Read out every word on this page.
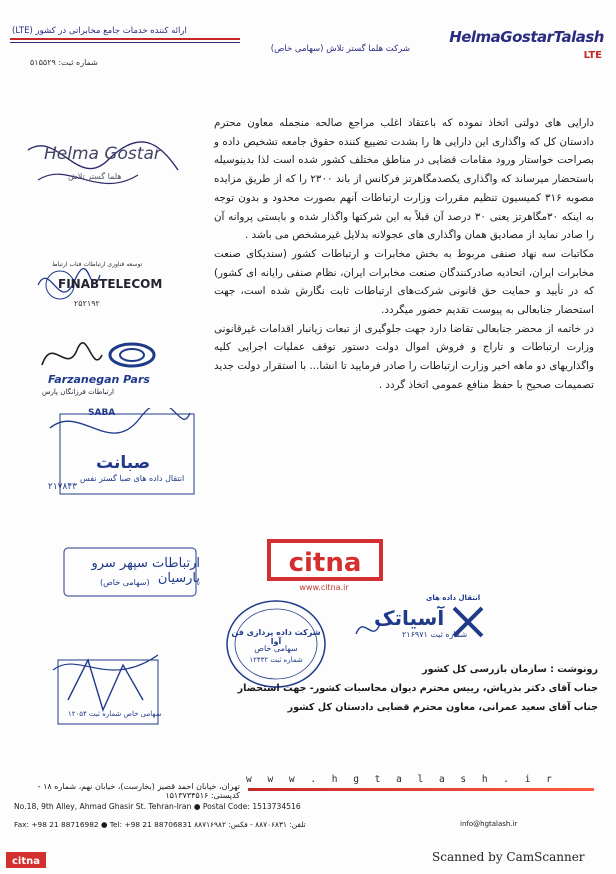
HelmaGostarTalash
LTE
شرکت هلما گستر تلاش (سهامی خاص)
ارائه کننده خدمات جامع مخابراتی در کشور (LTE)
شماره ثبت: ۵۱۵۵۲۹

دارایی های دولتی اتخاذ نموده که باعتقاد اغلب مراجع صالحه منجمله معاون محترم دادستان کل که واگذاری این دارایی ها را بشدت تضییع کننده حقوق جامعه تشخیص داده و بصراحت خواستار ورود مقامات قضایی در مناطق مختلف کشور شده است لذا بدینوسیله باستحضار میرساند که واگذاری یکصدمگاهرتز فرکانس از باند ۲۳۰۰ را که از طریق مزایده مصوبه ۳۱۶ کمیسیون تنظیم مقررات وزارت ارتباطات آنهم بصورت محدود و بدون توجه به اینکه ۳۰مگاهرتز یعنی ۳۰ درصد آن قبلاً به این شرکتها واگذار شده و بایستی پروانه آن را صادر نماید از مصادیق همان واگذاری های عجولانه بدلایل غیرمشخص می باشد .

مکاتبات سه نهاد صنفی مربوط به بخش مخابرات و ارتباطات کشور (سندیکای صنعت مخابرات ایران، اتحادیه صادرکنندگان صنعت مخابرات ایران، نظام صنفی رایانه ای کشور) که در تأیید و حمایت حق قانونی شرکت‌های ارتباطات ثابت نگارش شده است، جهت استحضار جنابعالی به پیوست تقدیم حضور میگردد.

در خاتمه از محضر جنابعالی تقاضا دارد جهت جلوگیری از تبعات زیانبار اقدامات غیرقانونی وزارت ارتباطات و تاراج و فروش اموال دولت دستور توقف عملیات اجرایی کلیه واگذاریهای دو ماهه اخیر وزارت ارتباطات را صادر فرمایید تا انشا... با استقرار دولت جدید تصمیمات صحیح با حفظ منافع عمومی اتخاذ گردد .

Helma Gostar
هلما گستر تلاش
توسعه فناوری ارتباطات فناب ارتباط
FINABTELECOM
۲۵۲۱۹۲
Farzanegan Pars
ارتباطات فرزانگان پارس
SABA
صبانت
انتقال داده های صبا گستر نفس
۲۱۷۸۴۳
ارتباطات سپهر سرو پارسیان
(سهامی خاص)
سهامی خاص شماره ثبت ۱۲۰۵۴
شرکت داده پردازی فن آوا
سهامی خاص
شماره ثبت ۱۲۴۳۲
انتقال داده های
آسیاتک
شماره ثبت ۲۱۶۹۷۱
citna
www.citna.ir
رونوشت : سازمان بازرسی کل کشور
جناب آقای دکتر بذرپاش، رییس محترم دیوان محاسبات کشور- جهت استحضار
جناب آقای سعید عمرانی، معاون محترم قضایی دادستان کل کشور
w w w . h g t a l a s h . i r
تهران، خیابان احمد قصیر (بخارست)، خیابان نهم، شماره ۱۸ - کدپستی: ۱۵۱۳۷۳۴۵۱۶
No.18, 9th Alley, Ahmad Ghasir St. Tehran-Iran ● Postal Code: 1513734516
Fax: +98 21 88716982 ● Tel: +98 21 88706831 تلفن: ۸۸۷۰۶۸۳۱ - فکس: ۸۸۷۱۶۹۸۲	info@hgtalash.ir
citna	Scanned by CamScanner
